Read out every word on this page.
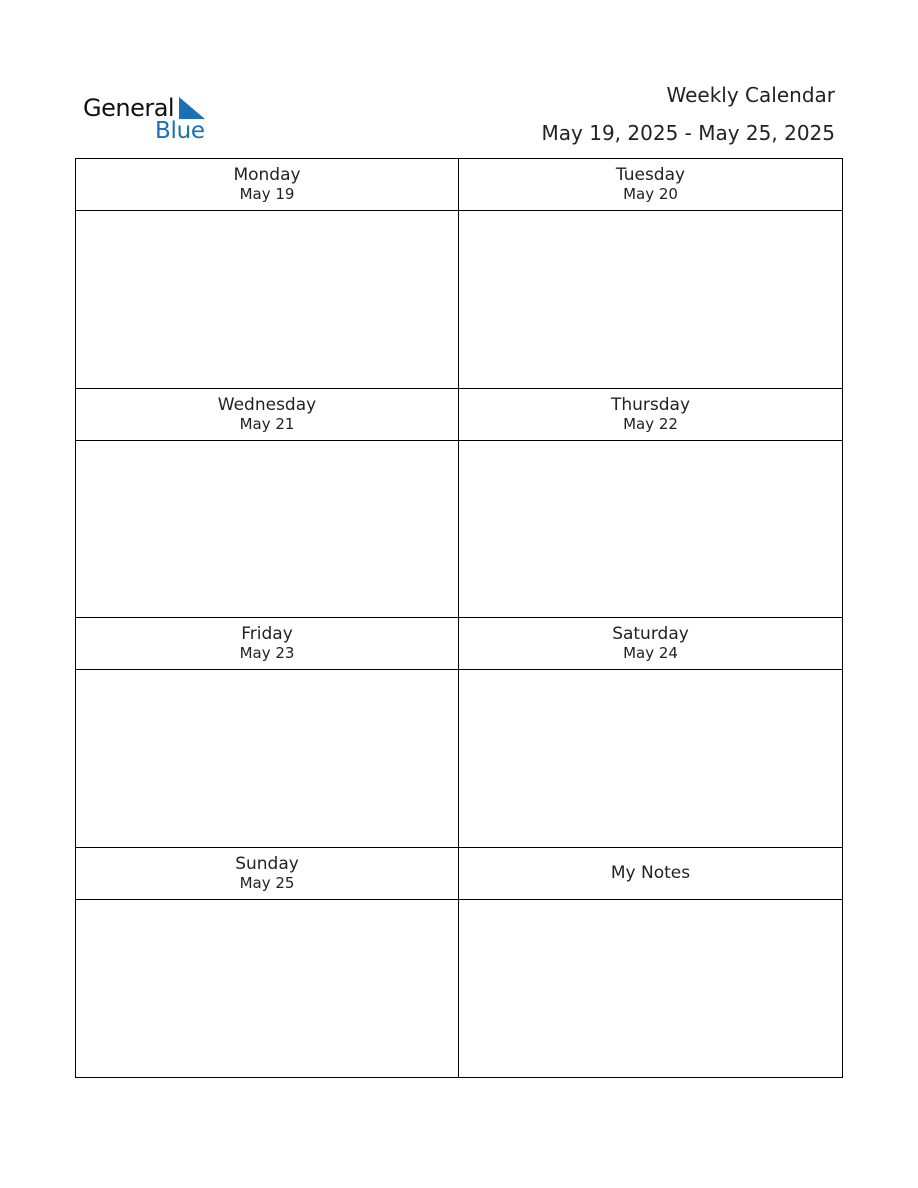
General
Blue
Weekly Calendar
May 19, 2025 - May 25, 2025
Monday
May 19
Tuesday
May 20
Wednesday
May 21
Thursday
May 22
Friday
May 23
Saturday
May 24
Sunday
May 25	My Notes
